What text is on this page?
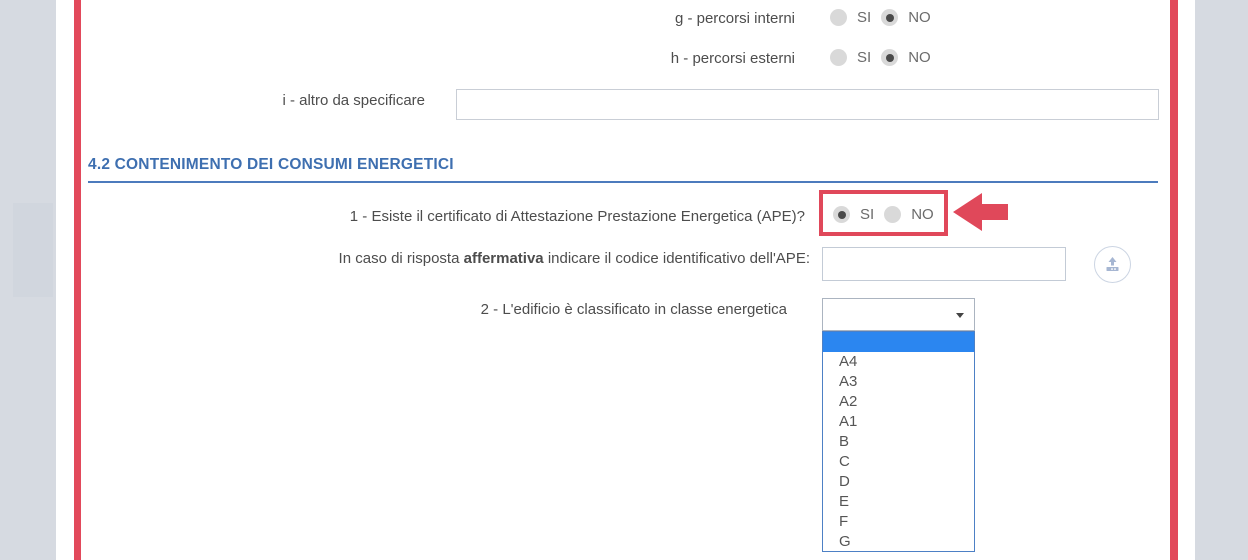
g - percorsi interni	SI NO
h - percorsi esterni	SI NO
i - altro da specificare
4.2 CONTENIMENTO DEI CONSUMI ENERGETICI
1 - Esiste il certificato di Attestazione Prestazione Energetica (APE)?	SI NO
In caso di risposta affermativa indicare il codice identificativo dell'APE:
2 - L'edificio è classificato in classe energetica
A4
A3
A2
A1
B
C
D
E
F
G
